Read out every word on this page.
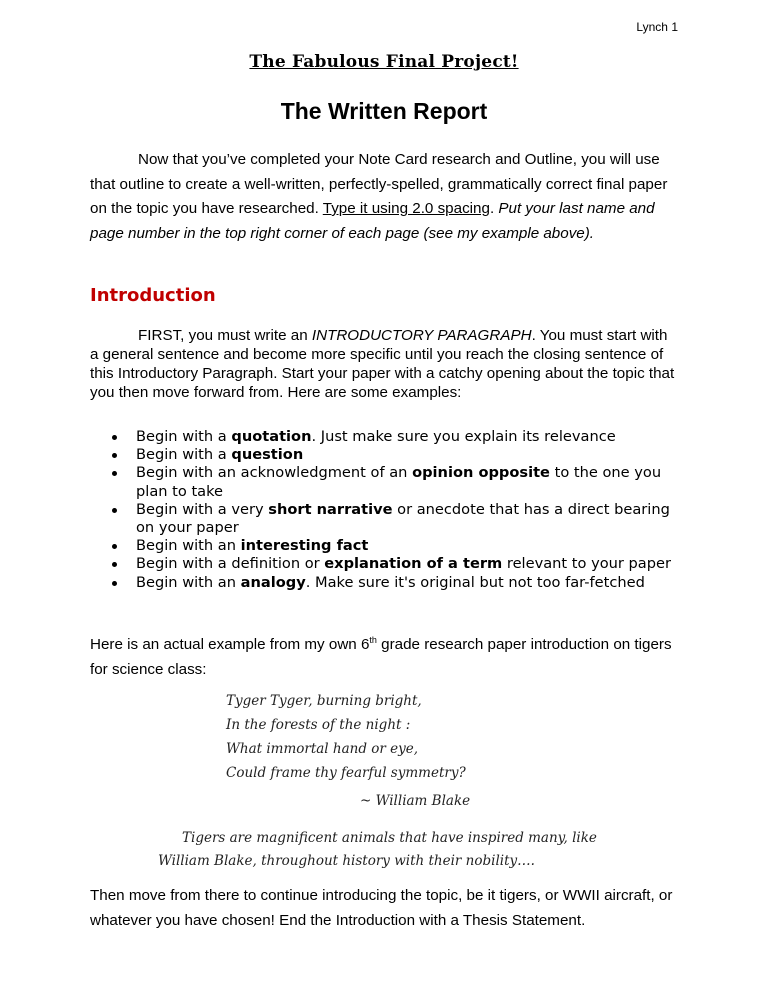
Lynch 1
The Fabulous Final Project!
The Written Report
Now that you’ve completed your Note Card research and Outline, you will use that outline to create a well-written, perfectly-spelled, grammatically correct final paper on the topic you have researched. Type it using 2.0 spacing. Put your last name and page number in the top right corner of each page (see my example above).
Introduction
FIRST, you must write an INTRODUCTORY PARAGRAPH. You must start with a general sentence and become more specific until you reach the closing sentence of this Introductory Paragraph. Start your paper with a catchy opening about the topic that you then move forward from. Here are some examples:
Begin with a quotation. Just make sure you explain its relevance
Begin with a question
Begin with an acknowledgment of an opinion opposite to the one you plan to take
Begin with a very short narrative or anecdote that has a direct bearing on your paper
Begin with an interesting fact
Begin with a definition or explanation of a term relevant to your paper
Begin with an analogy. Make sure it's original but not too far-fetched
Here is an actual example from my own 6th grade research paper introduction on tigers for science class:
Tyger Tyger, burning bright,
In the forests of the night :
What immortal hand or eye,
Could frame thy fearful symmetry?
~ William Blake
Tigers are magnificent animals that have inspired many, like William Blake, throughout history with their nobility….
Then move from there to continue introducing the topic, be it tigers, or WWII aircraft, or whatever you have chosen! End the Introduction with a Thesis Statement.
